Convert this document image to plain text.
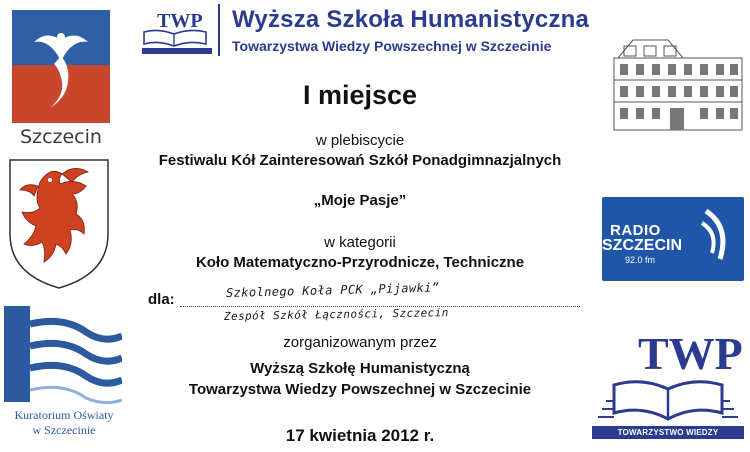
Szczecin
TWP Wyższa Szkoła Humanistyczna
Towarzystwa Wiedzy Powszechnej w Szczecinie
I miejsce
w plebiscycie
Festiwalu Kół Zainteresowań Szkół Ponadgimnazjalnych
„Moje Pasje”
w kategorii
Koło Matematyczno-Przyrodnicze, Techniczne
dla:	Szkolnego Koła PCK „Pijawki”
Zespół Szkół Łączności, Szczecin
zorganizowanym przez
Wyższą Szkołę Humanistyczną
Towarzystwa Wiedzy Powszechnej w Szczecinie
17 kwietnia 2012 r.
RADIO
SZCZECIN
92.0 fm
Kuratorium Oświaty
w Szczecinie
TWP
TOWARZYSTWO WIEDZY POWSZECHNEJ
